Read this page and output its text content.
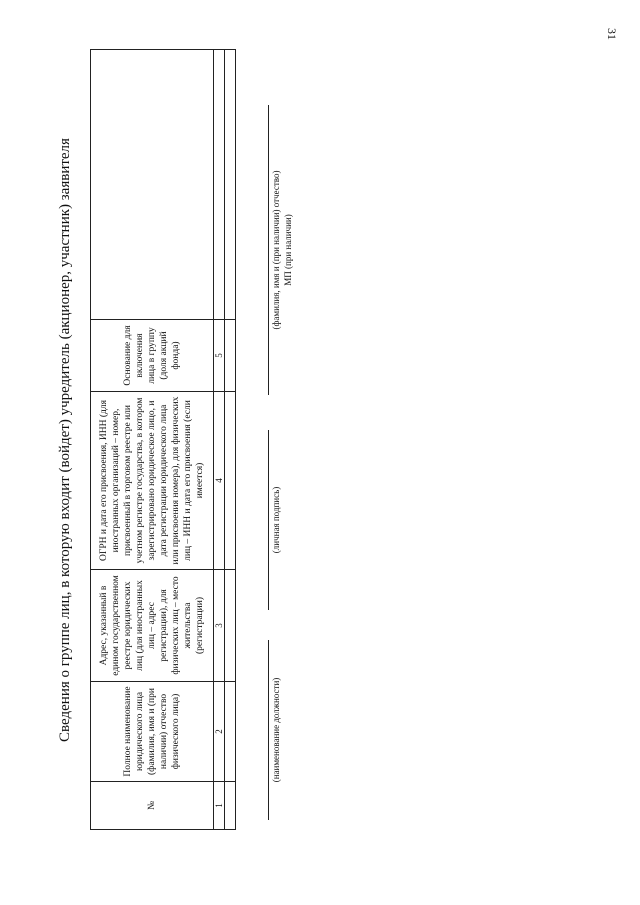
31
Сведения о группе лиц, в которую входит (войдет) учредитель (акционер, участник) заявителя
№	Полное наименование юридического лица (фамилия, имя и (при наличии) отчество физического лица)	Адрес, указанный в едином государственном реестре юридических лиц (для иностранных лиц – адрес регистрации), для физических лиц – место жительства (регистрации)	ОГРН и дата его присвоения, ИНН (для иностранных организаций – номер, присвоенный в торговом реестре или учетном регистре государства, в котором зарегистрировано юридическое лицо, и дата регистрации юридического лица или присвоения номера), для физических лиц – ИНН и дата его присвоения (если имеется)	Основание для включения лица в группу (доля акций фонда)	
1	2	3	4	5	

(наименование должности)
(личная подпись)
(фамилия, имя и (при наличии) отчество) МП (при наличии)
